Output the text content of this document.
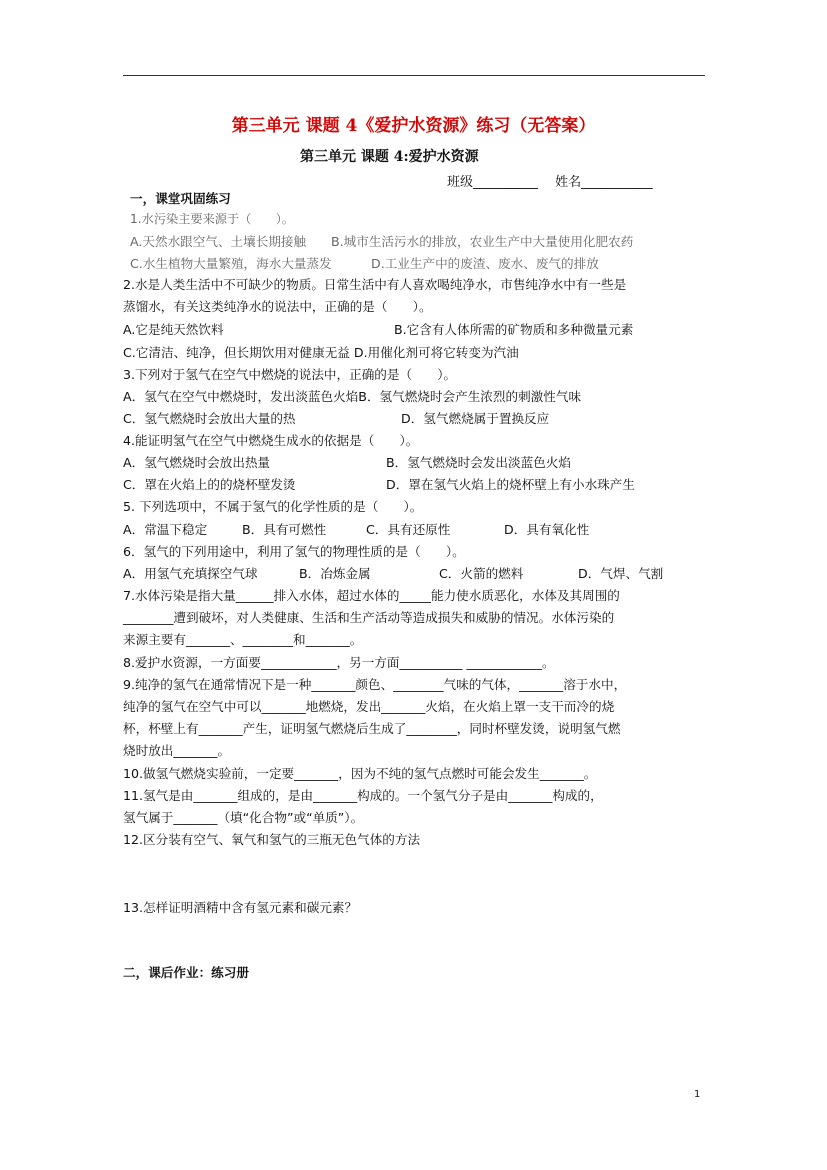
第三单元 课题 4《爱护水资源》练习（无答案）
第三单元 课题 4:爱护水资源
班级__________　 姓名___________
一，课堂巩固练习
1.水污染主要来源于（　　）。
A.天然水跟空气、土壤长期接触 B.城市生活污水的排放，农业生产中大量使用化肥农药
C.水生植物大量繁殖，海水大量蒸发	D.工业生产中的废渣、废水、废气的排放
2.水是人类生活中不可缺少的物质。日常生活中有人喜欢喝纯净水，市售纯净水中有一些是
蒸馏水，有关这类纯净水的说法中，正确的是（　　）。
A.它是纯天然饮料	B.它含有人体所需的矿物质和多种微量元素
C.它清洁、纯净，但长期饮用对健康无益 D.用催化剂可将它转变为汽油
3.下列对于氢气在空气中燃烧的说法中，正确的是（　　）。
A．氢气在空气中燃烧时，发出淡蓝色火焰B．氢气燃烧时会产生浓烈的刺激性气味
C．氢气燃烧时会放出大量的热	D．氢气燃烧属于置换反应
4.能证明氢气在空气中燃烧生成水的依据是（　　）。
A．氢气燃烧时会放出热量	B．氢气燃烧时会发出淡蓝色火焰
C．罩在火焰上的的烧杯壁发烫	D．罩在氢气火焰上的烧杯壁上有小水珠产生
5. 下列选项中，不属于氢气的化学性质的是（　　）。
A．常温下稳定	B．具有可燃性	C．具有还原性	D．具有氧化性
6．氢气的下列用途中，利用了氢气的物理性质的是（　　）。
A．用氢气充填探空气球	B．冶炼金属	C．火箭的燃料	D．气焊、气割
7.水体污染是指大量______排入水体，超过水体的_____能力使水质恶化，水体及其周围的
________遭到破坏，对人类健康、生活和生产活动等造成损失和威胁的情况。水体污染的
来源主要有_______、________和_______。
8.爱护水资源，一方面要____________，另一方面__________ ____________。
9.纯净的氢气在通常情况下是一种_______颜色、________气味的气体，_______溶于水中，
纯净的氢气在空气中可以_______地燃烧，发出_______火焰，在火焰上罩一支干而冷的烧
杯，杯壁上有_______产生，证明氢气燃烧后生成了________，同时杯壁发烫，说明氢气燃
烧时放出_______。
10.做氢气燃烧实验前，一定要_______，因为不纯的氢气点燃时可能会发生_______。
11.氢气是由_______组成的，是由_______构成的。一个氢气分子是由_______构成的，
氢气属于_______（填“化合物”或“单质”）。
12.区分装有空气、氧气和氢气的三瓶无色气体的方法
13.怎样证明酒精中含有氢元素和碳元素？
二，课后作业：练习册
1
